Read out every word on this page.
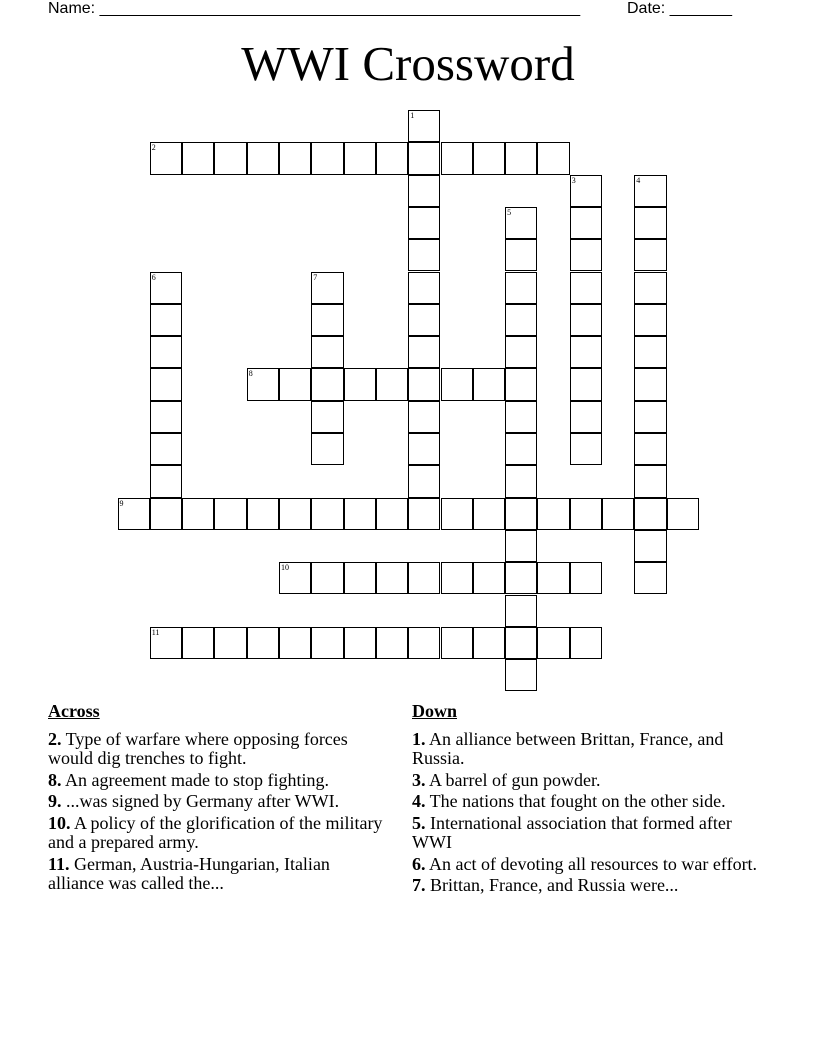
Name: ______________________________________________________	Date: _______
WWI Crossword
1
2
3	4
5
6	7
8
9
10
11
Across
2. Type of warfare where opposing forces would dig trenches to fight.
8. An agreement made to stop fighting.
9. ...was signed by Germany after WWI.
10. A policy of the glorification of the military and a prepared army.
11. German, Austria-Hungarian, Italian alliance was called the...
Down
1. An alliance between Brittan, France, and Russia.
3. A barrel of gun powder.
4. The nations that fought on the other side.
5. International association that formed after WWI
6. An act of devoting all resources to war effort.
7. Brittan, France, and Russia were...
